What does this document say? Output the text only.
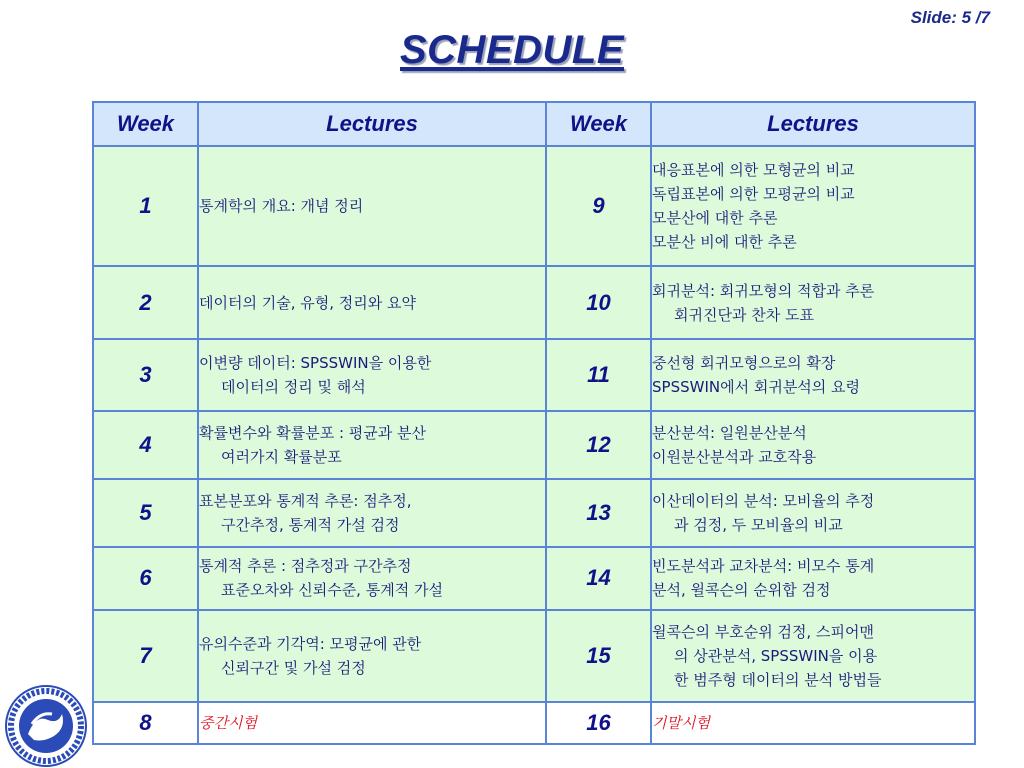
Slide: 5 /7
SCHEDULE
Week	Lectures	Week	Lectures
1	통계학의 개요: 개념 정리	9	대응표본에 의한 모형균의 비교
독립표본에 의한 모평균의 비교
모분산에 대한 추론
모분산 비에 대한 추론

2	데이터의 기술, 유형, 정리와 요약	10	회귀분석: 회귀모형의 적합과 추론
회귀진단과 찬차 도표

3	이변량 데이터: SPSSWIN을 이용한
데이터의 정리 및 해석	11	중선형 회귀모형으로의 확장
SPSSWIN에서 회귀분석의 요령

4	확률변수와 확률분포 : 평균과 분산
여러가지 확률분포	12	분산분석: 일원분산분석
이원분산분석과 교호작용

5	표본분포와 통계적 추론: 점추정,
구간추정, 통계적 가설 검정	13	이산데이터의 분석: 모비율의 추정
과 검정, 두 모비율의 비교

6	통계적 추론 : 점추정과 구간추정
표준오차와 신뢰수준, 통계적 가설	14	빈도분석과 교차분석: 비모수 통계
분석, 윌콕슨의 순위합 검정

7	유의수준과 기각역: 모평균에 관한
신뢰구간 및 가설 검정	15	윌콕슨의 부호순위 검정, 스피어맨
의 상관분석, SPSSWIN을 이용
한 범주형 데이터의 분석 방법들

8	중간시험	16	기말시험
